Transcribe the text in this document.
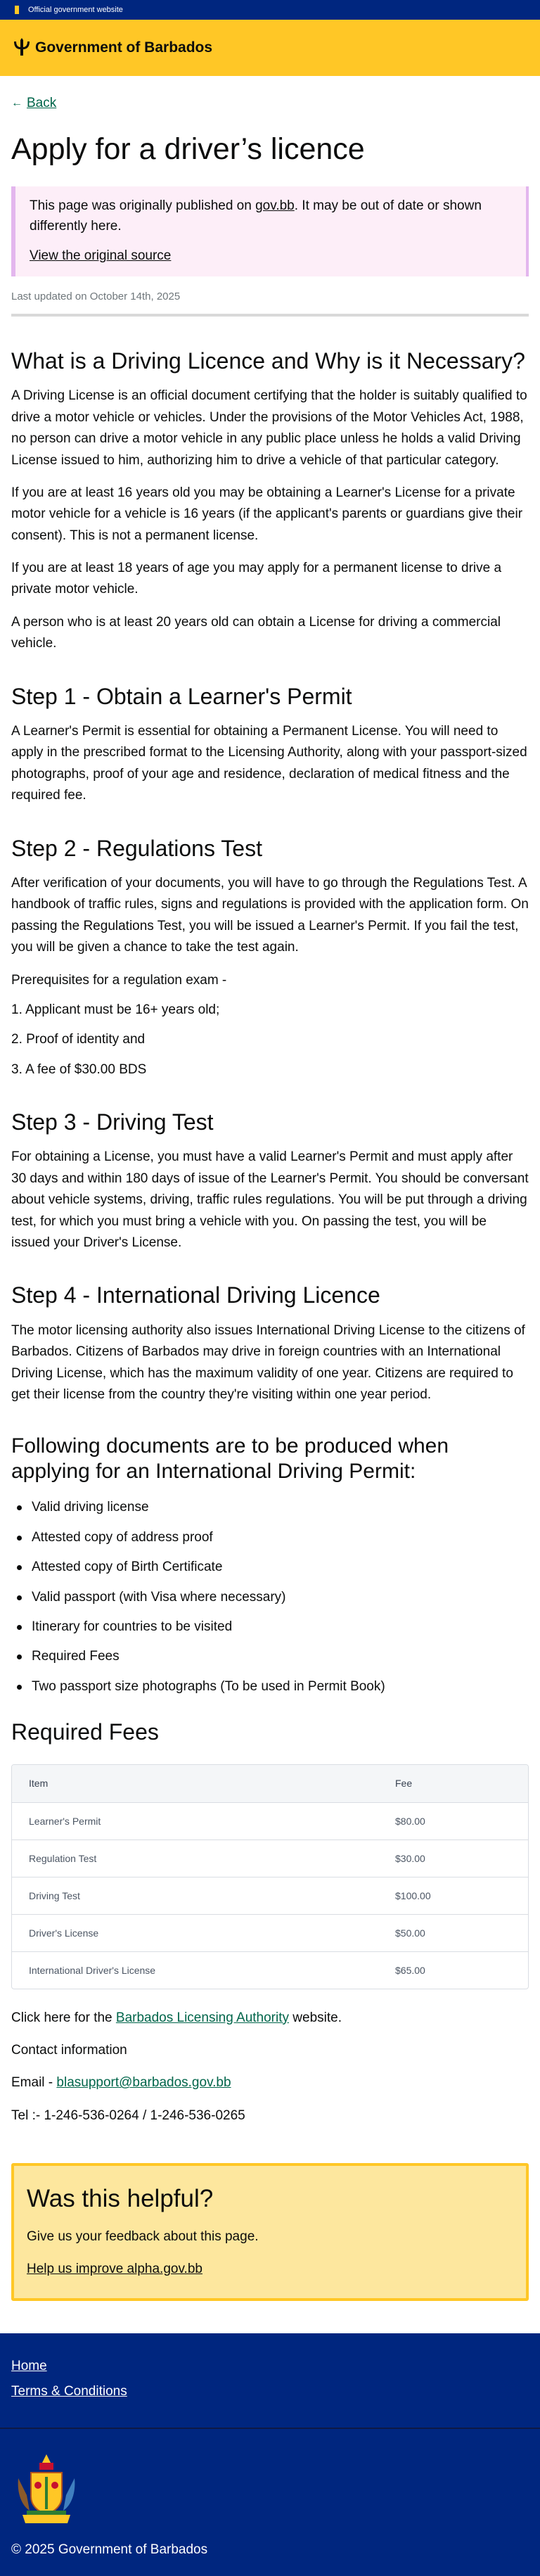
Official government website
Government of Barbados
← Back
Apply for a driver’s licence

This page was originally published on gov.bb. It may be out of date or shown differently here.

View the original source

Last updated on October 14th, 2025

What is a Driving Licence and Why is it Necessary?

A Driving License is an official document certifying that the holder is suitably qualified to drive a motor vehicle or vehicles. Under the provisions of the Motor Vehicles Act, 1988, no person can drive a motor vehicle in any public place unless he holds a valid Driving License issued to him, authorizing him to drive a vehicle of that particular category.

If you are at least 16 years old you may be obtaining a Learner's License for a private motor vehicle for a vehicle is 16 years (if the applicant's parents or guardians give their consent). This is not a permanent license.

If you are at least 18 years of age you may apply for a permanent license to drive a private motor vehicle.

A person who is at least 20 years old can obtain a License for driving a commercial vehicle.

Step 1 - Obtain a Learner's Permit

A Learner's Permit is essential for obtaining a Permanent License. You will need to apply in the prescribed format to the Licensing Authority, along with your passport-sized photographs, proof of your age and residence, declaration of medical fitness and the required fee.

Step 2 - Regulations Test

After verification of your documents, you will have to go through the Regulations Test. A handbook of traffic rules, signs and regulations is provided with the application form. On passing the Regulations Test, you will be issued a Learner's Permit. If you fail the test, you will be given a chance to take the test again.

Prerequisites for a regulation exam -

1. Applicant must be 16+ years old;
2. Proof of identity and
3. A fee of $30.00 BDS
Step 3 - Driving Test

For obtaining a License, you must have a valid Learner's Permit and must apply after 30 days and within 180 days of issue of the Learner's Permit. You should be conversant about vehicle systems, driving, traffic rules regulations. You will be put through a driving test, for which you must bring a vehicle with you. On passing the test, you will be issued your Driver's License.

Step 4 - International Driving Licence

The motor licensing authority also issues International Driving License to the citizens of Barbados. Citizens of Barbados may drive in foreign countries with an International Driving License, which has the maximum validity of one year. Citizens are required to get their license from the country they're visiting within one year period.

Following documents are to be produced when applying for an International Driving Permit:
Valid driving license
Attested copy of address proof
Attested copy of Birth Certificate
Valid passport (with Visa where necessary)
Itinerary for countries to be visited
Required Fees
Two passport size photographs (To be used in Permit Book)
Required Fees
Item	Fee
Learner's Permit	$80.00
Regulation Test	$30.00
Driving Test	$100.00
Driver's License	$50.00
International Driver's License	$65.00

Click here for the Barbados Licensing Authority website.

Contact information

Email - blasupport@barbados.gov.bb

Tel :- 1-246-536-0264 / 1-246-536-0265

Was this helpful?

Give us your feedback about this page.

Help us improve alpha.gov.bb
Home
Terms & Conditions

© 2025 Government of Barbados
